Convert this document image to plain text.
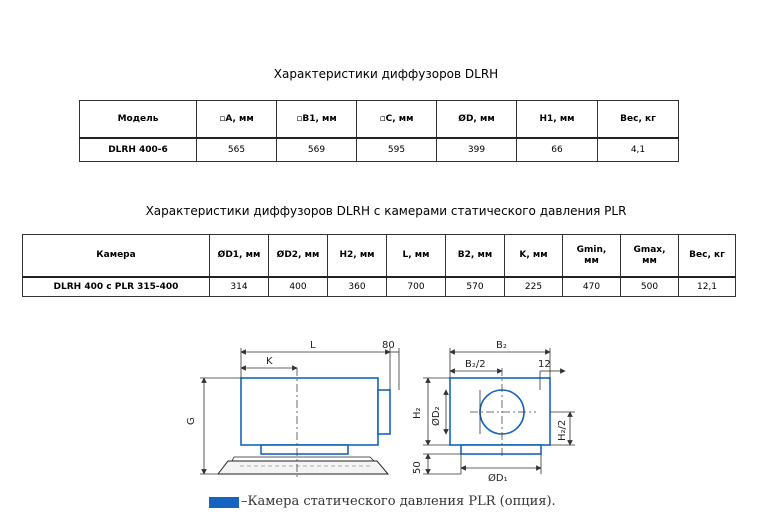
Характеристики диффузоров DLRH
Модель	▫A, мм	▫B1, мм	▫C, мм	ØD, мм	H1, мм	Вес, кг
DLRH 400-6	565	569	595	399	66	4,1
Характеристики диффузоров DLRH с камерами статического давления PLR
Камера	ØD1, мм	ØD2, мм	H2, мм	L, мм	B2, мм	K, мм	Gmin, мм	Gmax, мм	Вес, кг
DLRH 400 с PLR 315-400	314	400	360	700	570	225	470	500	12,1
L
K
80
G
B₂
B₂/2	12
H₂ ØD₂
H₂/2
50
ØD₁
–Камера статического давления PLR (опция).
